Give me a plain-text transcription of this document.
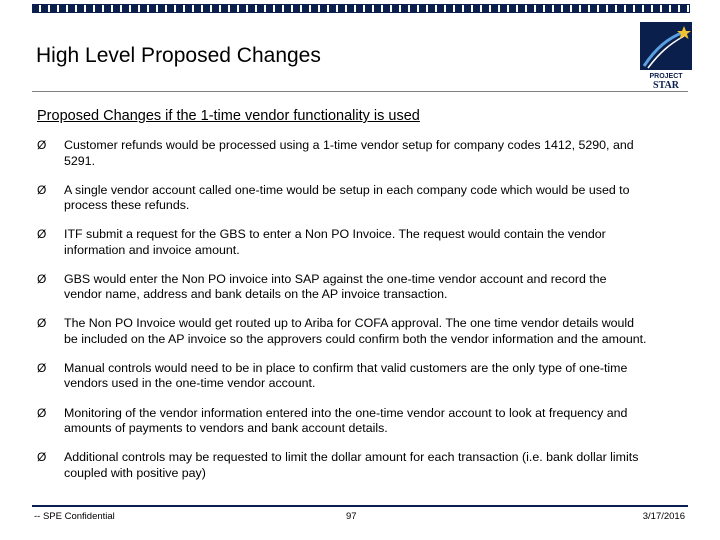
High Level Proposed Changes
PROJECT
STAR
Proposed Changes if the 1-time vendor functionality is used
Ø	Customer refunds would be processed using a 1-time vendor setup for company codes 1412, 5290, and 5291.
Ø	A single vendor account called one-time would be setup in each company code which would be used to process these refunds.
Ø	ITF submit a request for the GBS to enter a Non PO Invoice. The request would contain the vendor information and invoice amount.
Ø	GBS would enter the Non PO invoice into SAP against the one-time vendor account and record the vendor name, address and bank details on the AP invoice transaction.
Ø	The Non PO Invoice would get routed up to Ariba for COFA approval. The one time vendor details would be included on the AP invoice so the approvers could confirm both the vendor information and the amount.
Ø	Manual controls would need to be in place to confirm that valid customers are the only type of one-time vendors used in the one-time vendor account.
Ø	Monitoring of the vendor information entered into the one-time vendor account to look at frequency and amounts of payments to vendors and bank account details.
Ø	Additional controls may be requested to limit the dollar amount for each transaction (i.e. bank dollar limits coupled with positive pay)
-- SPE Confidential	97	3/17/2016
